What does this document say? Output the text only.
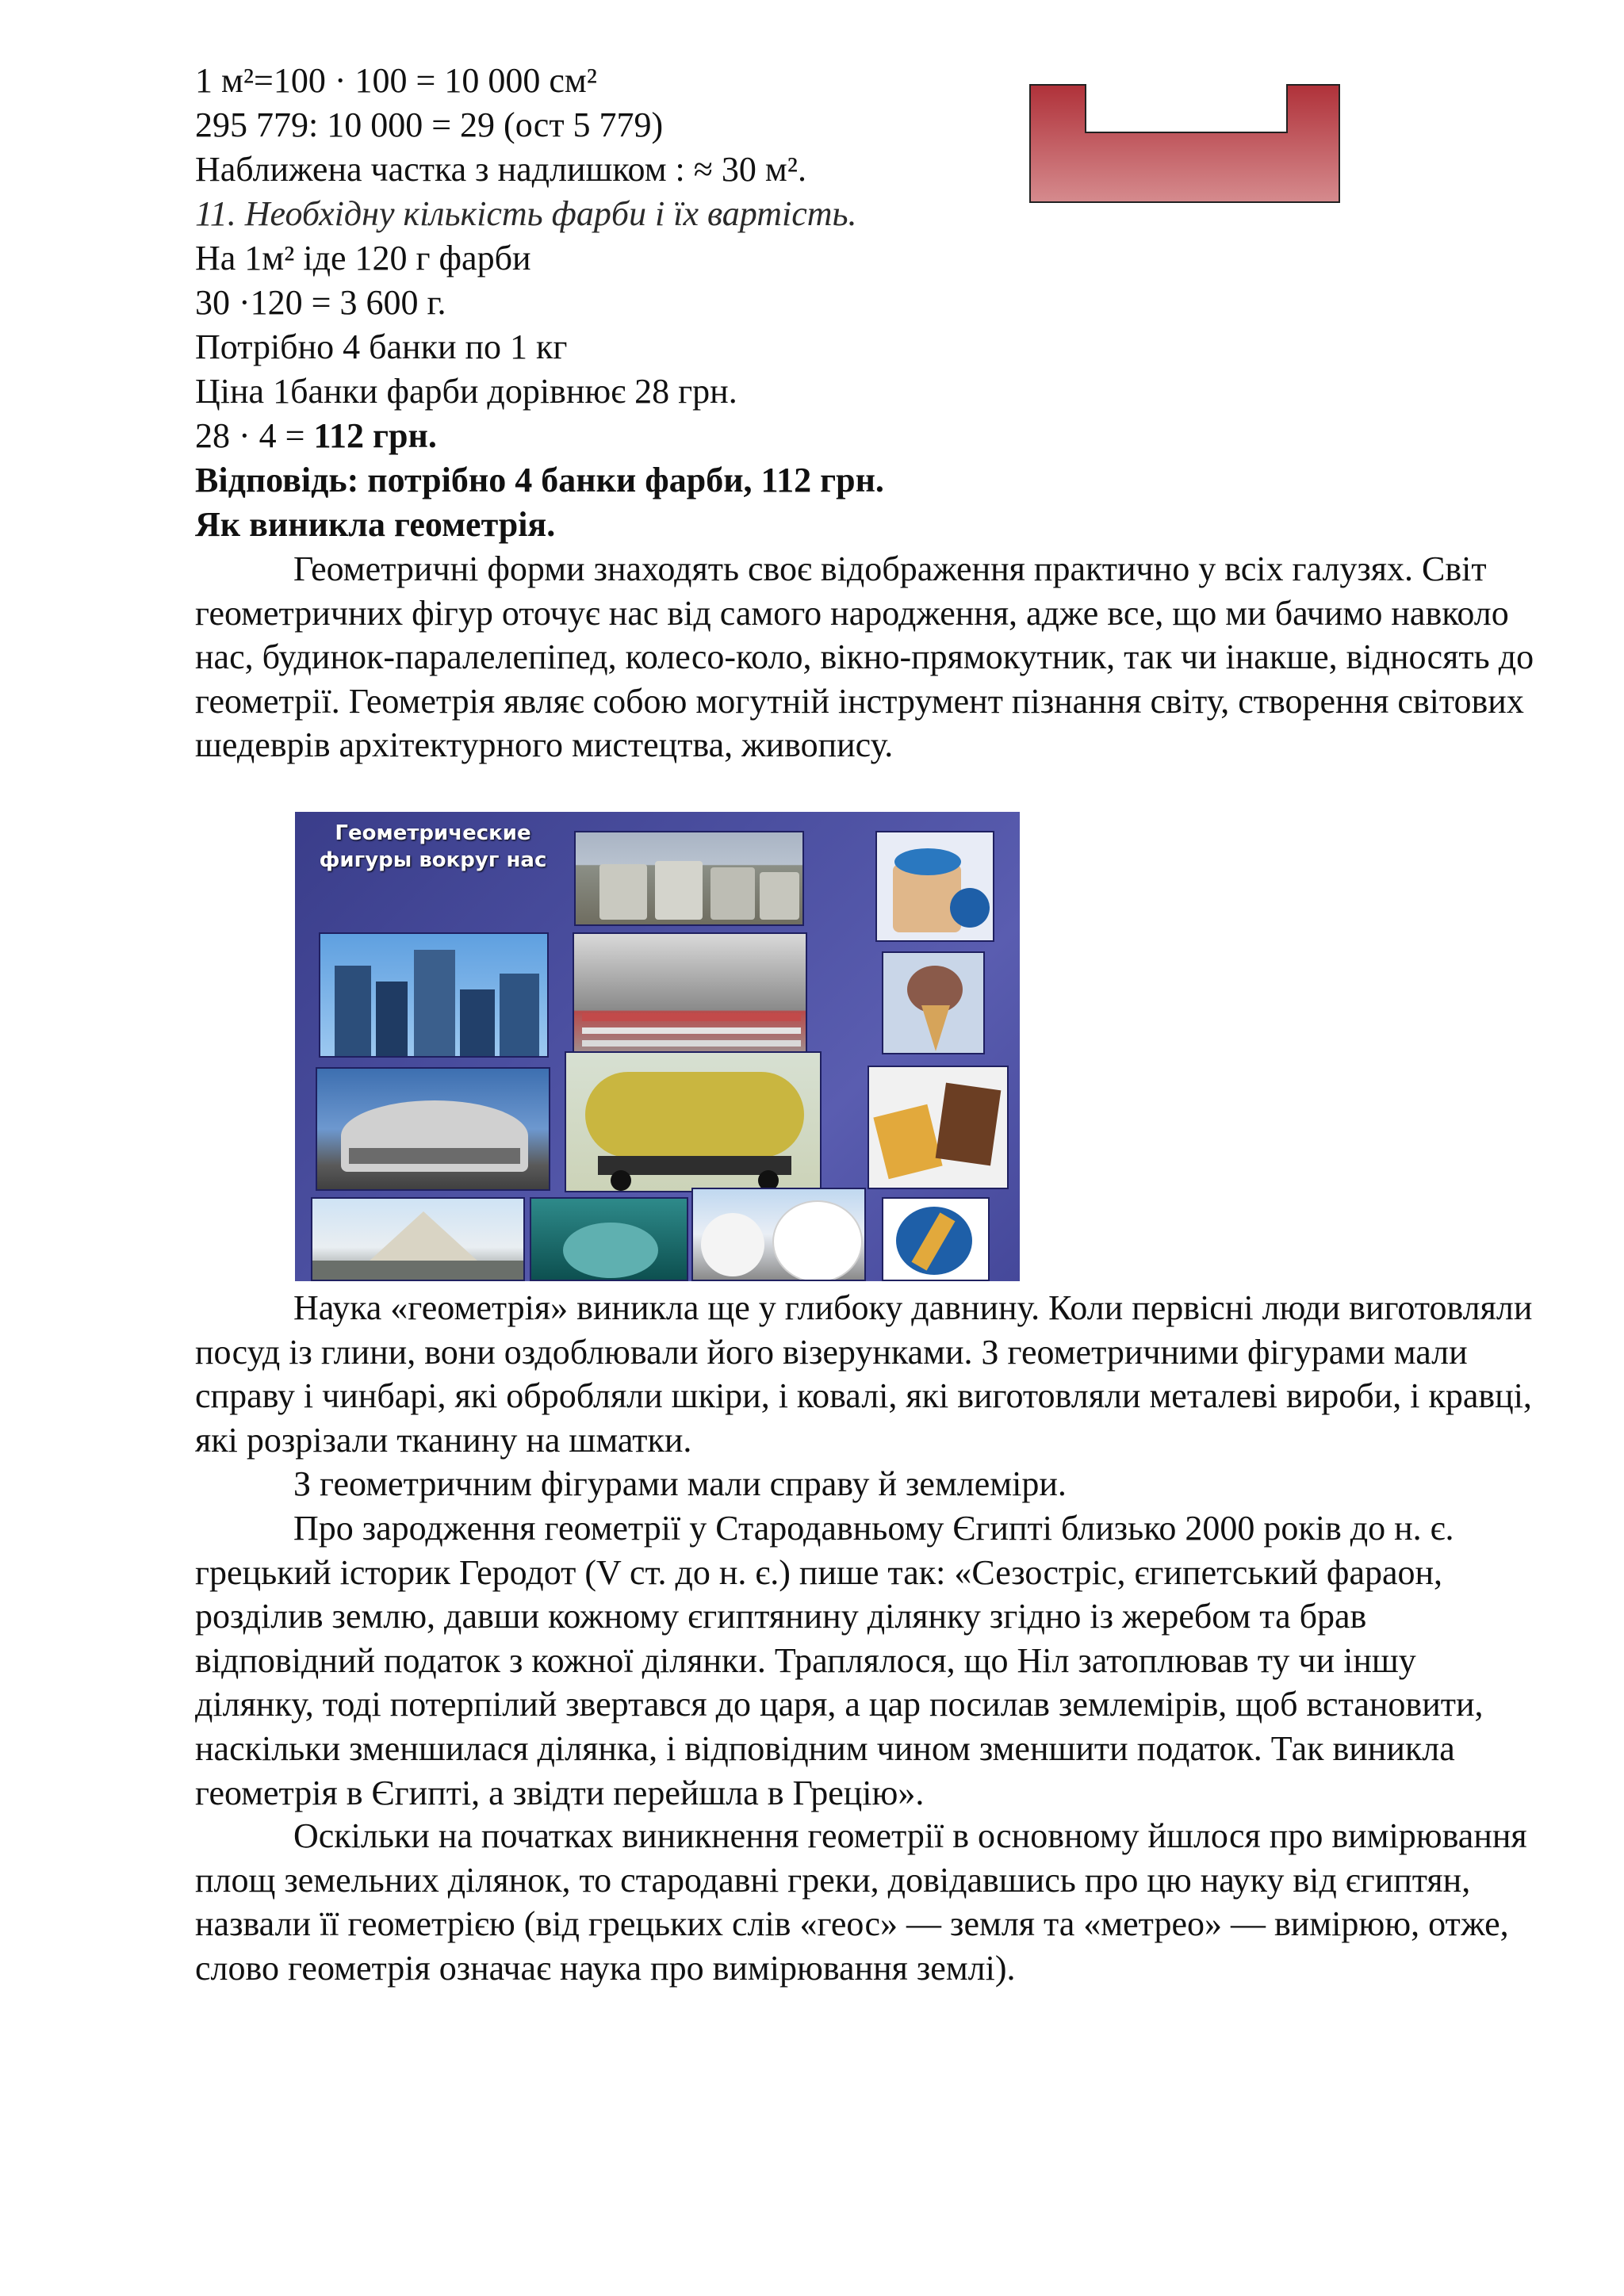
1 м²=100 · 100 = 10 000 см²
295 779: 10 000 = 29 (ост 5 779)
Наближена частка з надлишком : ≈ 30 м².
11. Необхідну кількість фарби і їх вартість.
На 1м² іде 120 г фарби
30 ·120 = 3 600 г.
Потрібно 4 банки по 1 кг
Ціна 1банки фарби дорівнює 28 грн.
28 · 4 = 112 грн.
Відповідь: потрібно 4 банки фарби, 112 грн.
Як виникла геометрія.
Геометричні форми знаходять своє відображення практично у всіх галузях. Світ геометричних фігур оточує нас від самого народження, адже все, що ми бачимо навколо нас, будинок-паралелепіпед, колесо-коло, вікно-прямокутник, так чи інакше, відносять до геометрії. Геометрія являє собою могутній інструмент пізнання світу, створення світових шедеврів архітектурного мистецтва, живопису.
Геометрические фигуры вокруг нас
Наука «геометрія» виникла ще у глибоку давнину. Коли первісні люди виготовляли посуд із глини, вони оздоблювали його візерунками. З геометричними фігурами мали справу і чинбарі, які обробляли шкіри, і ковалі, які виготовляли металеві вироби, і кравці, які розрізали тканину на шматки.
З геометричним фігурами мали справу й землеміри.
Про зародження геометрії у Стародавньому Єгипті близько 2000 років до н. є. грецький історик Геродот (V ст. до н. є.) пише так: «Сезостріс, єгипетський фараон, розділив землю, давши кожному єгиптянину ділянку згідно із жеребом та брав відповідний податок з кожної ділянки. Траплялося, що Ніл затоплював ту чи іншу ділянку, тоді потерпілий звертався до царя, а цар посилав землемірів, щоб встановити, наскільки зменшилася ділянка, і відповідним чином зменшити податок. Так виникла геометрія в Єгипті, а звідти перейшла в Грецію».
Оскільки на початках виникнення геометрії в основному йшлося про вимірювання площ земельних ділянок, то стародавні греки, довідавшись про цю науку від єгиптян, назвали її геометрією (від грецьких слів «геос» — земля та «метрео» — вимірюю, отже, слово геометрія означає наука про вимірювання землі).
